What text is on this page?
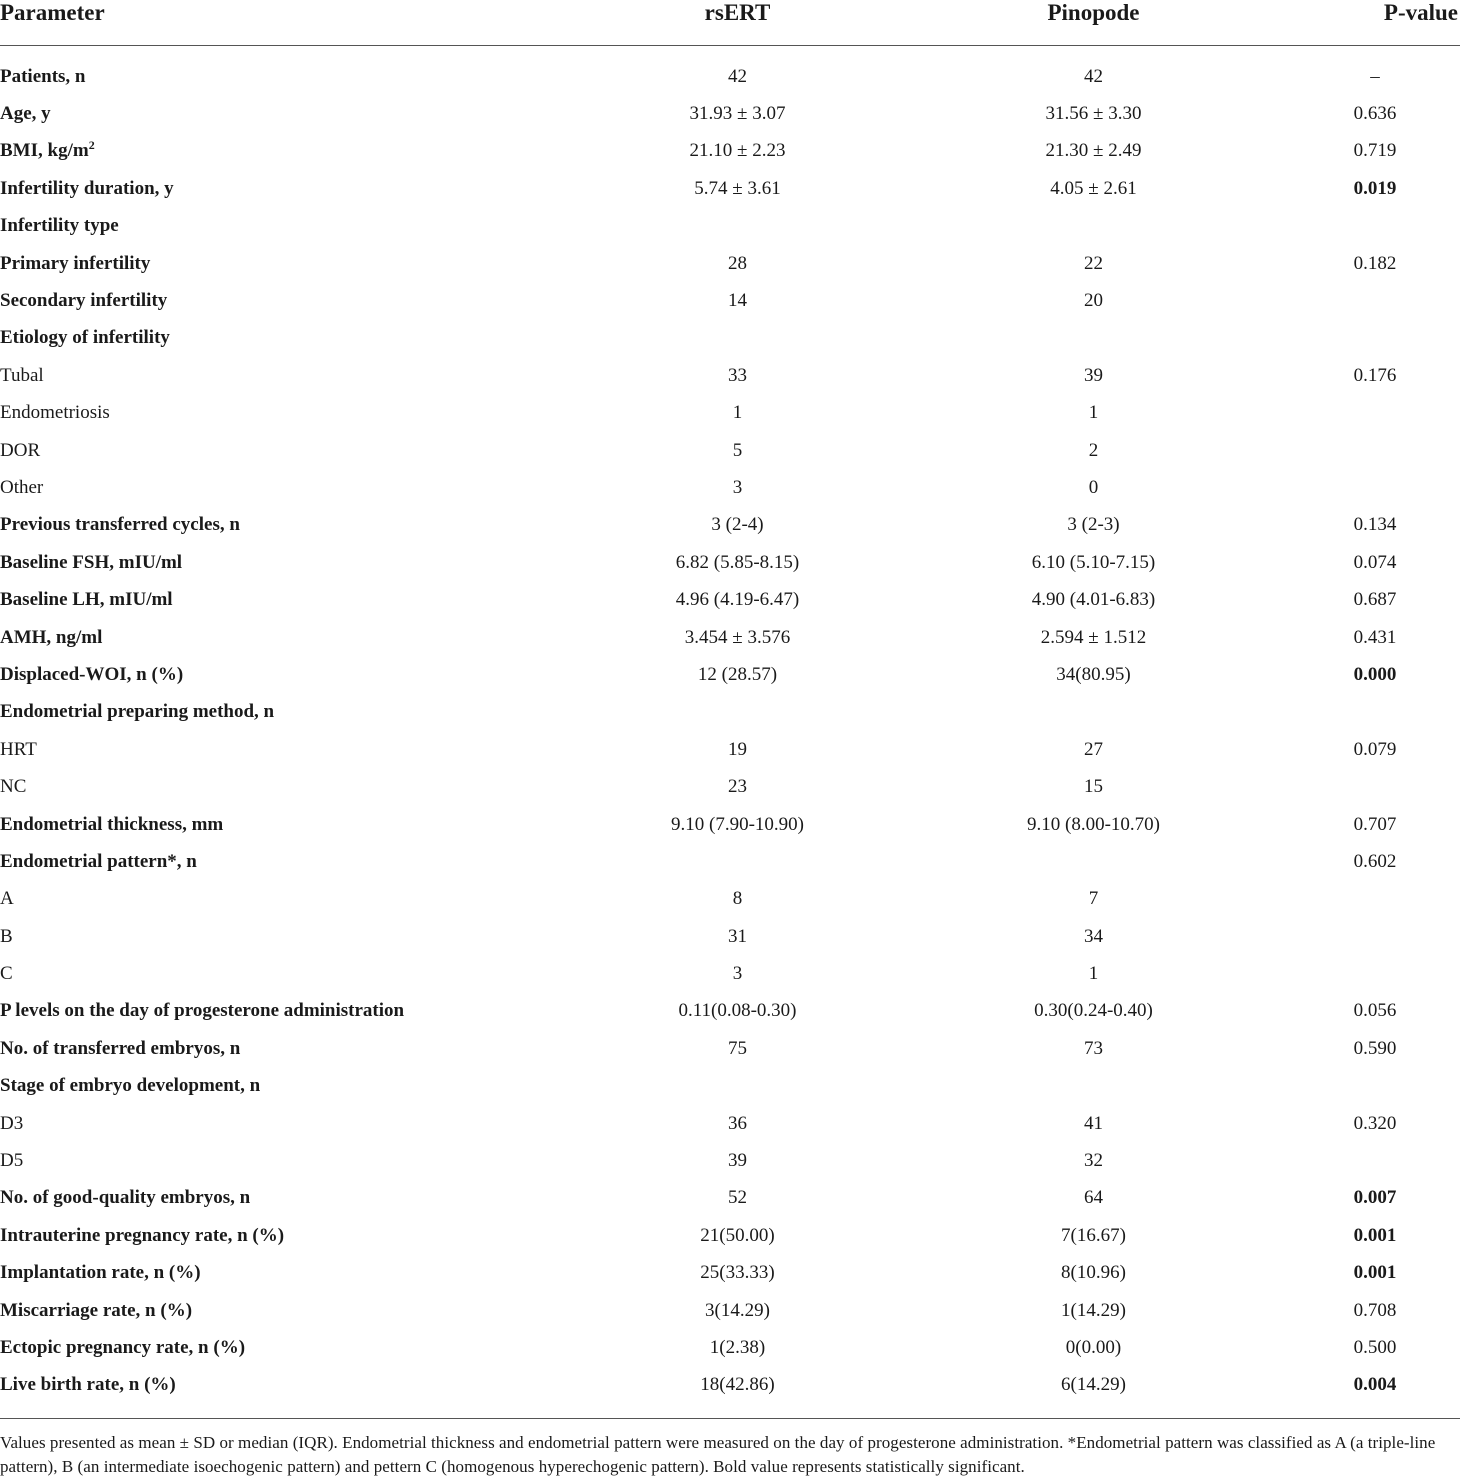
Parameter	rsERT	Pinopode	P-value

Patients, n	42	42	–
Age, y	31.93 ± 3.07	31.56 ± 3.30	0.636
BMI, $kg/m^2$	21.10 ± 2.23	21.30 ± 2.49	0.719
Infertility duration, y	5.74 ± 3.61	4.05 ± 2.61	0.019
Infertility type			
Primary infertility	28	22	0.182
Secondary infertility	14	20	
Etiology of infertility			
Tubal	33	39	0.176
Endometriosis	1	1	
DOR	5	2	
Other	3	0	
Previous transferred cycles, n	3 (2-4)	3 (2-3)	0.134
Baseline FSH, mIU/ml	6.82 (5.85-8.15)	6.10 (5.10-7.15)	0.074
Baseline LH, mIU/ml	4.96 (4.19-6.47)	4.90 (4.01-6.83)	0.687
AMH, ng/ml	3.454 ± 3.576	2.594 ± 1.512	0.431
Displaced-WOI, n (%)	12 (28.57)	34(80.95)	0.000
Endometrial preparing method, n			
HRT	19	27	0.079
NC	23	15	
Endometrial thickness, mm	9.10 (7.90-10.90)	9.10 (8.00-10.70)	0.707
Endometrial pattern*, n			0.602
A	8	7	
B	31	34	
C	3	1	
P levels on the day of progesterone administration	0.11(0.08-0.30)	0.30(0.24-0.40)	0.056
No. of transferred embryos, n	75	73	0.590
Stage of embryo development, n			
D3	36	41	0.320
D5	39	32	
No. of good-quality embryos, n	52	64	0.007
Intrauterine pregnancy rate, n (%)	21(50.00)	7(16.67)	0.001
Implantation rate, n (%)	25(33.33)	8(10.96)	0.001
Miscarriage rate, n (%)	3(14.29)	1(14.29)	0.708
Ectopic pregnancy rate, n (%)	1(2.38)	0(0.00)	0.500
Live birth rate, n (%)	18(42.86)	6(14.29)	0.004
Values presented as mean ± SD or median (IQR). Endometrial thickness and endometrial pattern were measured on the day of progesterone administration. *Endometrial pattern was classified as A (a triple-line pattern), B (an intermediate isoechogenic pattern) and pettern C (homogenous hyperechogenic pattern). Bold value represents statistically significant.
